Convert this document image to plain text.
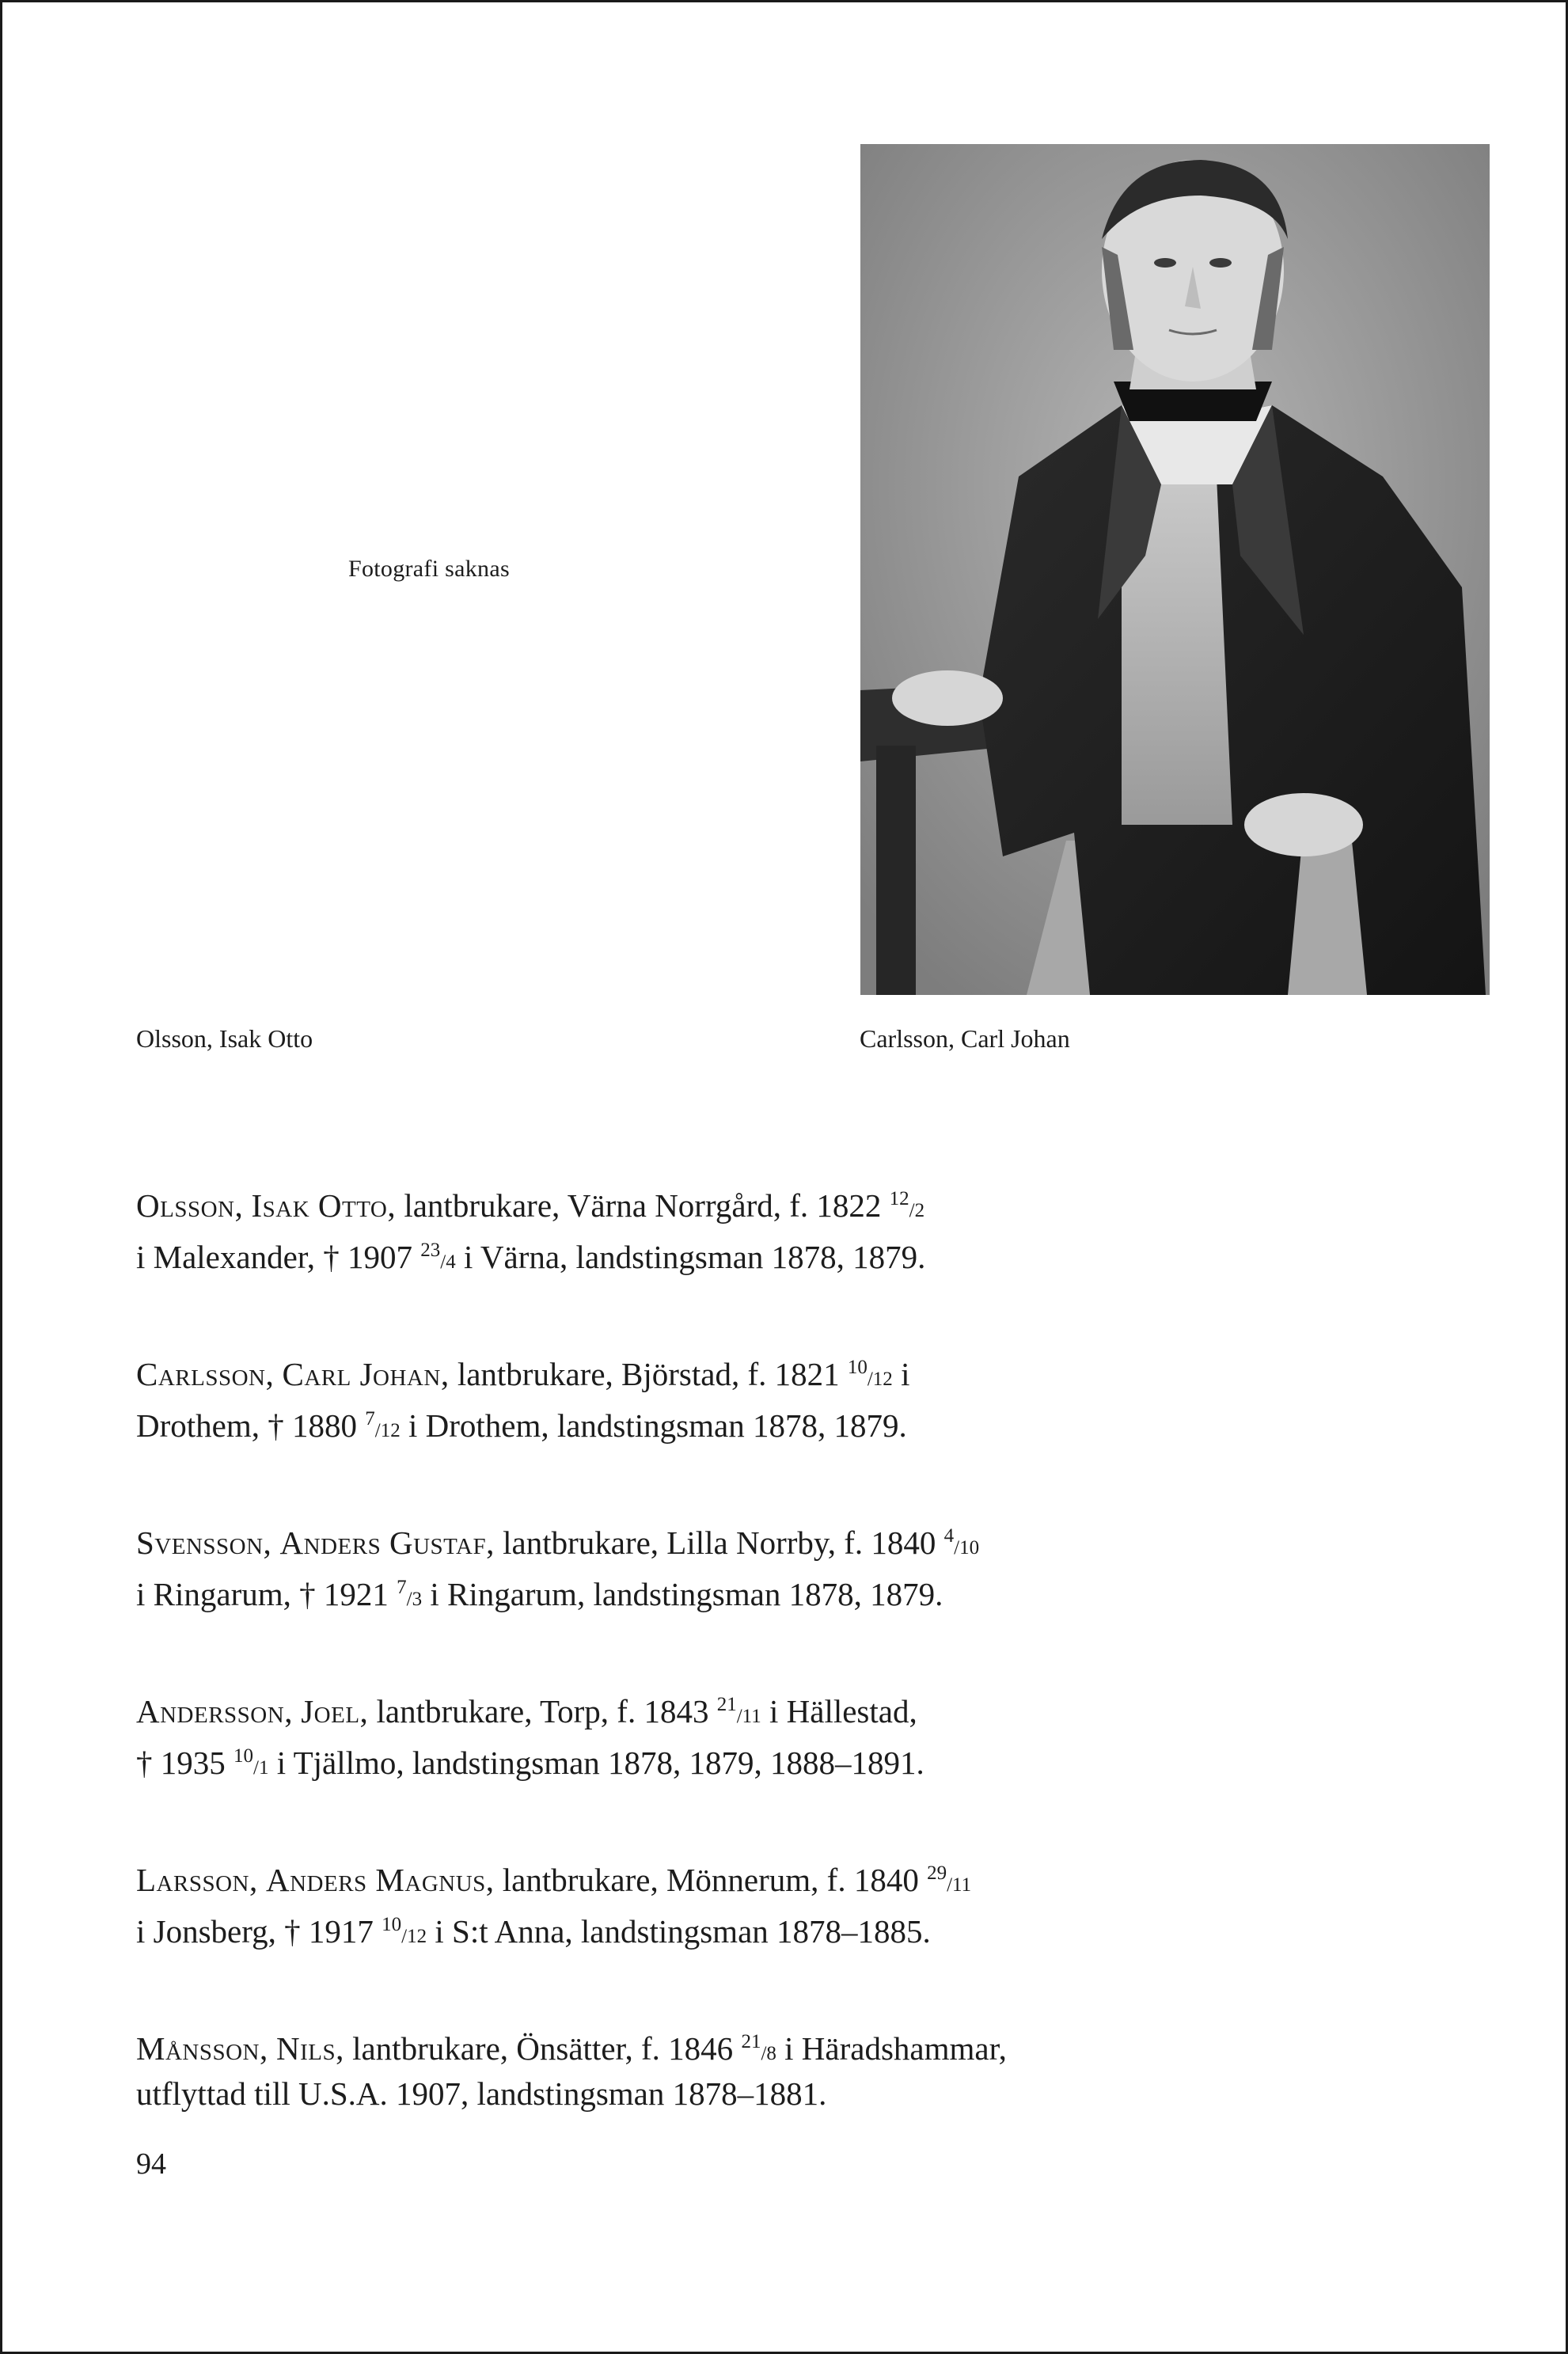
Fotografi saknas
Olsson, Isak Otto	Carlsson, Carl Johan
Olsson, Isak Otto, lantbrukare, Värna Norrgård, f. 1822 $^{12}$/2
i Malexander, † 1907 $^{23}$/4 i Värna, landstingsman 1878, 1879.
Carlsson, Carl Johan, lantbrukare, Björstad, f. 1821 $^{10}$/12 i
Drothem, † 1880 $^7$/12 i Drothem, landstingsman 1878, 1879.
Svensson, Anders Gustaf, lantbrukare, Lilla Norrby, f. 1840 $^4$/10
i Ringarum, † 1921 $^7$/3 i Ringarum, landstingsman 1878, 1879.
Andersson, Joel, lantbrukare, Torp, f. 1843 $^{21}$/11 i Hällestad,
† 1935 $^{10}$/1 i Tjällmo, landstingsman 1878, 1879, 1888–1891.
Larsson, Anders Magnus, lantbrukare, Mönnerum, f. 1840 $^{29}$/11
i Jonsberg, † 1917 $^{10}$/12 i S:t Anna, landstingsman 1878–1885.
Månsson, Nils, lantbrukare, Önsätter, f. 1846 $^{21}$/8 i Häradshammar,
utflyttad till U.S.A. 1907, landstingsman 1878–1881.
94
